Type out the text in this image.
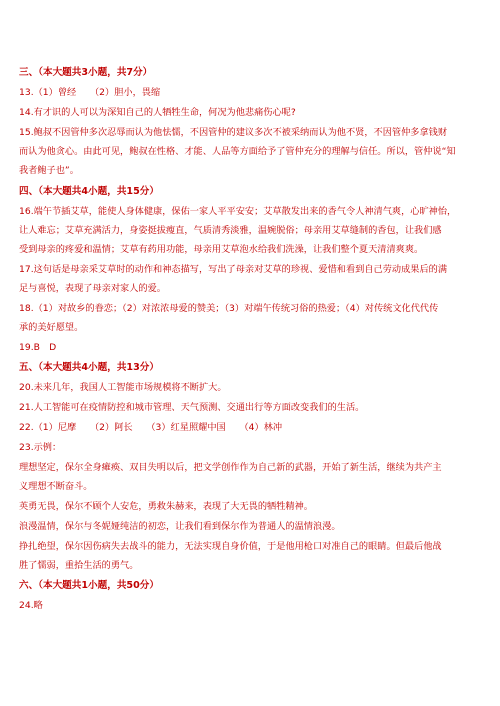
三、（本大题共3小题，共7分）

13.（1）曾经　　（2）胆小，畏缩

14.有才识的人可以为深知自己的人牺牲生命，何况为他悲痛伤心呢?

15.鲍叔不因管仲多次忍辱而认为他怯懦，不因管仲的建议多次不被采纳而认为他不贤，不因管仲多拿钱财

而认为他贪心。由此可见，鲍叔在性格、才能、人品等方面给予了管仲充分的理解与信任。所以，管仲说“知

我者鲍子也”。

四、（本大题共4小题，共15分）

16.端午节插艾草，能使人身体健康，保佑一家人平平安安；艾草散发出来的香气令人神清气爽，心旷神怡，

让人难忘；艾草充满活力，身姿挺拔瘦直，气质清秀淡雅，温婉脱俗；母亲用艾草缝制的香包，让我们感

受到母亲的疼爱和温情；艾草有药用功能，母亲用艾草泡水给我们洗澡，让我们整个夏天清清爽爽。

17.这句话是母亲采艾草时的动作和神态描写，写出了母亲对艾草的珍视、爱惜和看到自己劳动成果后的满

足与喜悦，表现了母亲对家人的爱。

18.（1）对故乡的眷恋；（2）对浓浓母爱的赞美；（3）对端午传统习俗的热爱；（4）对传统文化代代传

承的美好愿望。

19.B　D

五、（本大题共4小题，共13分）

20.未来几年，我国人工智能市场规模将不断扩大。

21.人工智能可在疫情防控和城市管理、天气预测、交通出行等方面改变我们的生活。

22.（1）尼摩　　（2）阿长　　（3）红星照耀中国　　（4）林冲

23.示例：

理想坚定，保尔全身瘫痪、双目失明以后，把文学创作作为自己新的武器，开始了新生活，继续为共产主

义理想不断奋斗。

英勇无畏，保尔不顾个人安危，勇救朱赫来，表现了大无畏的牺牲精神。

浪漫温情，保尔与冬妮娅纯洁的初恋，让我们看到保尔作为普通人的温情浪漫。

挣扎绝望，保尔因伤病失去战斗的能力，无法实现自身价值，于是他用枪口对准自己的眼睛。但最后他战

胜了懦弱，重拾生活的勇气。

六、（本大题共1小题，共50分）

24.略
